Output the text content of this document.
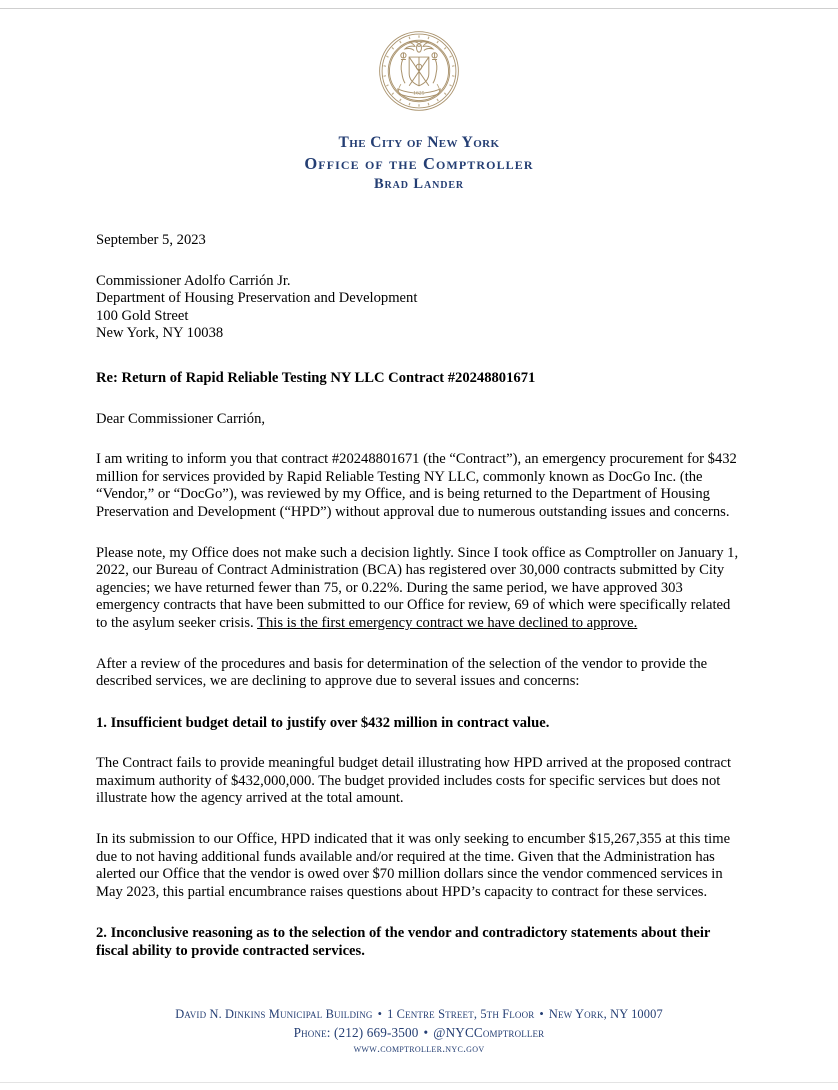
1625
The City of New York
Office of the Comptroller
Brad Lander
September 5, 2023
Commissioner Adolfo Carrión Jr.
Department of Housing Preservation and Development
100 Gold Street
New York, NY 10038
Re: Return of Rapid Reliable Testing NY LLC Contract #20248801671
Dear Commissioner Carrión,

I am writing to inform you that contract #20248801671 (the “Contract”), an emergency procurement for $432 million for services provided by Rapid Reliable Testing NY LLC, commonly known as DocGo Inc. (the “Vendor,” or “DocGo”), was reviewed by my Office, and is being returned to the Department of Housing Preservation and Development (“HPD”) without approval due to numerous outstanding issues and concerns.

Please note, my Office does not make such a decision lightly. Since I took office as Comptroller on January 1, 2022, our Bureau of Contract Administration (BCA) has registered over 30,000 contracts submitted by City agencies; we have returned fewer than 75, or 0.22%. During the same period, we have approved 303 emergency contracts that have been submitted to our Office for review, 69 of which were specifically related to the asylum seeker crisis. This is the first emergency contract we have declined to approve.

After a review of the procedures and basis for determination of the selection of the vendor to provide the described services, we are declining to approve due to several issues and concerns:

1. Insufficient budget detail to justify over $432 million in contract value.

The Contract fails to provide meaningful budget detail illustrating how HPD arrived at the proposed contract maximum authority of $432,000,000. The budget provided includes costs for specific services but does not illustrate how the agency arrived at the total amount.

In its submission to our Office, HPD indicated that it was only seeking to encumber $15,267,355 at this time due to not having additional funds available and/or required at the time. Given that the Administration has alerted our Office that the vendor is owed over $70 million dollars since the vendor commenced services in May 2023, this partial encumbrance raises questions about HPD’s capacity to contract for these services.

2. Inconclusive reasoning as to the selection of the vendor and contradictory statements about their fiscal ability to provide contracted services.

David N. Dinkins Municipal Building • 1 Centre Street, 5th Floor • New York, NY 10007
Phone: (212) 669-3500 • @NYCComptroller
www.comptroller.nyc.gov
